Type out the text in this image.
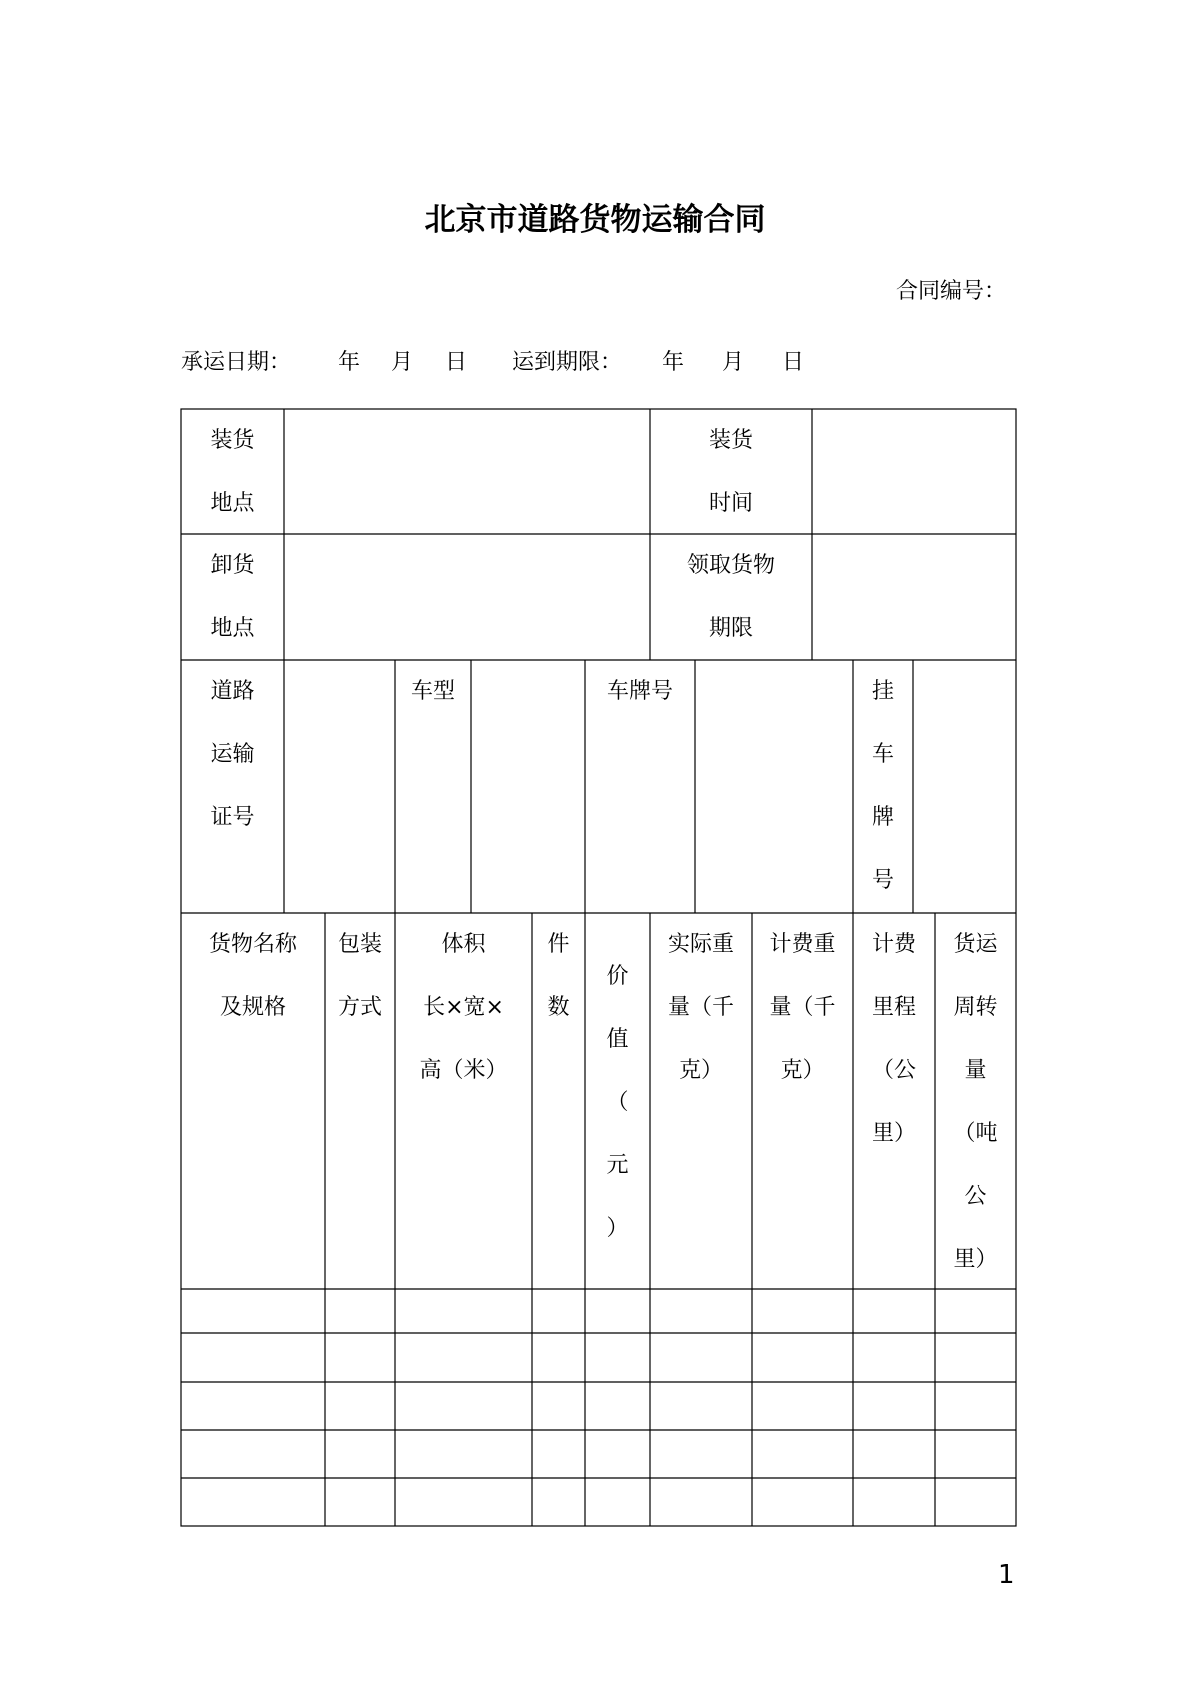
北京市道路货物运输合同
合同编号：
承运日期： 年 月 日 运到期限： 年 月 日
装货
地点
装货
时间
卸货
地点
领取货物
期限
道路
运输
证号
车型	车牌号	挂
车
牌
号
货物名称
及规格
包装
方式
体积
长×宽×
高（米）
件
数
价
值
（
元
）
实际重
量（千
克）
计费重
量（千
克）
计费
里程
（公
里）
货运
周转
量
（吨
公
里）
1
